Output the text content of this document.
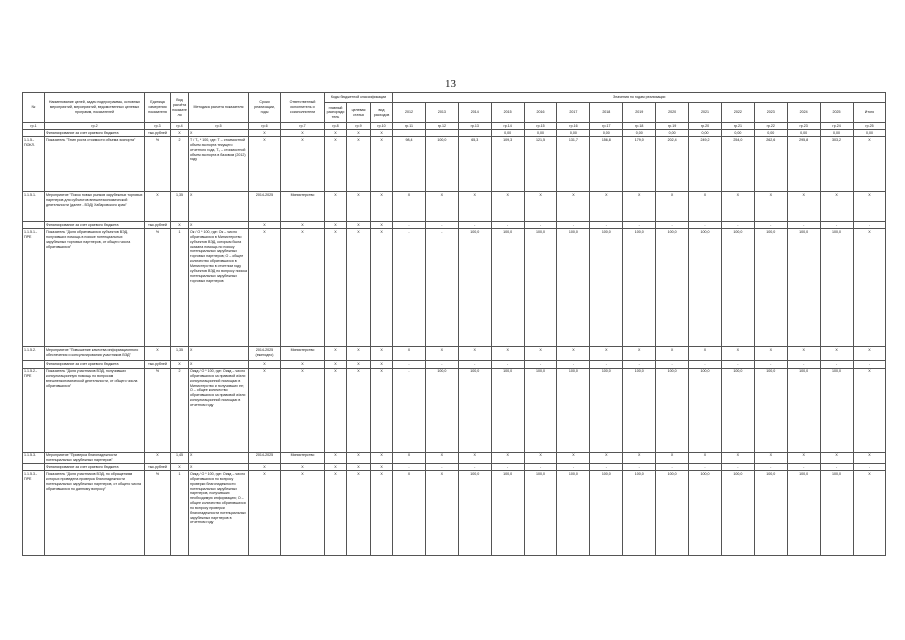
13
№	Наименование целей, задач подпрограммы, основных мероприятий, мероприятий, ведомственных целевых программ, показателей	Единица измерения показателя	Вид расчёта показателя	Методика расчета показателя	Сроки реализации, годы	Ответственный исполнитель и соисполнители	Коды бюджетной классификации			Значения по годам реализации														
							главный распорядитель	целевая статья	вид расходов	2012	2013	2014	2015	2016	2017	2018	2019	2020	2021	2022	2023	2024	2025	Итого
гр.1	гр.2	гр.3	гр.4	гр.5	гр.6	гр.7	гр.8	гр.9	гр.10	гр.11	гр.12	гр.13	гр.14	гр.15	гр.16	гр.17	гр.18	гр.19	гр.20	гр.21	гр.22	гр.23	гр.24	гр.25
	Финансирование за счет краевого бюджета	тыс.рублей	X	X	X	X	X	X	X				0,00	0,00	0,00	0,00	0,00	0,00	0,00	0,00	0,00	0,00	0,00	0,00
1.1.5.-ПОКЛ.	Показатель "Темп роста стоимости объема экспорта"	%	2	Т / Т₀ * 100, где: Т – стоимостной объем экспорта текущего отчетного года, Т₀ – стоимостной объем экспорта в базовом (2012) году	X	X	X	X	X	98,4	100,0	65,3	109,3	121,5	131,7	156,8	179,0	202,4	249,2	254,0	262,6	295,8	303,2	X
1.1.5.1.	Мероприятие "Поиск новых рынков зарубежных торговых партнеров для субъектов внешнеэкономической деятельности (далее - ВЭД) Хабаровского края"	X	1,35	X	2014-2025	Министерство	X	X	X	X	X	X	X	X	X	X	X	X	X	X	X	X	X	X
	Финансирование за счет краевого бюджета	тыс.рублей	X	X	X	X	X	X	X	-	-	-	-	-	-	-	-	-	-	-	-	-	-	-
1.1.5.1.-ПРЕ	Показатель "Доля обратившихся субъектов ВЭД, получивших помощь в поиске потенциальных зарубежных торговых партнеров, от общего числа обратившихся"	%	1	Ок / О * 100, где: Ок – число обратившихся в Министерство субъектов ВЭД, которым была оказана помощь по поиску потенциальных зарубежных торговых партнеров; О – общее количество обратившихся в Министерство в отчетном году субъектов ВЭД по вопросу поиска потенциальных зарубежных торговых партнеров	X	X	X	X	X	-	-	100,0	100,0	100,0	100,0	100,0	100,0	100,0	100,0	100,0	100,0	100,0	100,0	X
1.1.5.2.	Мероприятие "Повышение качества информационного обеспечения и консультирования участников ВЭД"	X	1,35	X	2014-2025 (ежегодно)	Министерство	X	X	X	X	X	X	X	X	X	X	X	X	X	X	X	X	X	X
	Финансирование за счет краевого бюджета	тыс.рублей	X	X	X	X	X	X	X	-	-	-	-	-	-	-	-	-	-	-	-	-	-	-
1.1.5.2.-ПРЕ	Показатель "Доля участников ВЭД, получивших консультационную помощь по вопросам внешнеэкономической деятельности, от общего числа обратившихся"	%	2	Оикд / О * 100, где: Оикд – число обратившихся за правовой и/или консультационной помощью в Министерство и получивших ее; О – общее количество обратившихся за правовой и/или консультационной помощью в отчетном году	X	X	X	X	X	-	100,0	100,0	100,0	100,0	100,0	100,0	100,0	100,0	100,0	100,0	100,0	100,0	100,0	X
1.1.5.3.	Мероприятие "Проверка благонадежности потенциальных зарубежных партнеров"	X	1,45	X	2014-2025	Министерство	X	X	X	X	X	X	X	X	X	X	X	X	X	X	X	X	X	X
	Финансирование за счет краевого бюджета	тыс.рублей	X	X	X	X	X	X	X	-	-	-	-	-	-	-	-	-	-	-	-	-	-	-
1.1.5.3.-ПРЕ	Показатель "Доля участников ВЭД, по обращениям которых проведена проверка благонадежности потенциальных зарубежных партнеров, от общего числа обратившихся по данному вопросу"	%	1	Оикд / О * 100, где: Оикд – число обратившихся по вопросу проверки благонадежности потенциальных зарубежных партнеров, получивших необходимую информацию; О – общее количество обратившихся по вопросу проверки благонадежности потенциальных зарубежных партнеров в отчетном году	X	X	X	X	X	X	X	100,0	100,0	100,0	100,0	100,0	100,0	100,0	100,0	100,0	100,0	100,0	100,0	X
